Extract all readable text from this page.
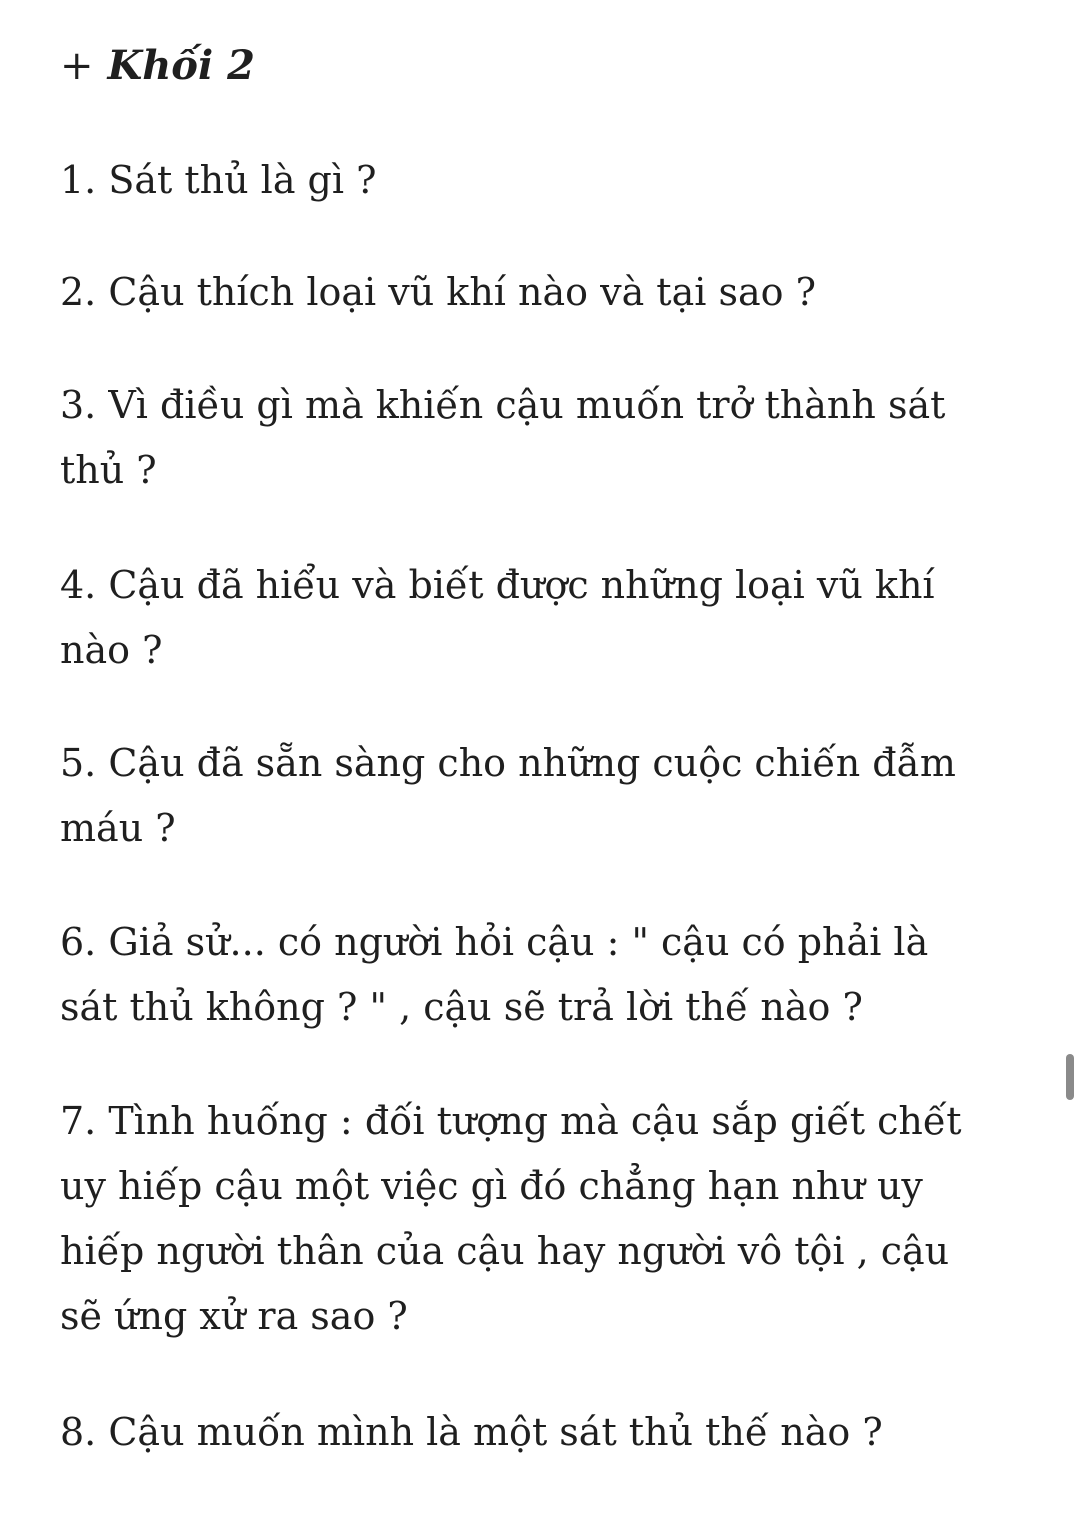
+ Khối 2

1. Sát thủ là gì ?

2. Cậu thích loại vũ khí nào và tại sao ?

3. Vì điều gì mà khiến cậu muốn trở thành sát
thủ ?

4. Cậu đã hiểu và biết được những loại vũ khí
nào ?

5. Cậu đã sẵn sàng cho những cuộc chiến đẫm
máu ?

6. Giả sử... có người hỏi cậu : " cậu có phải là
sát thủ không ? " , cậu sẽ trả lời thế nào ?

7. Tình huống : đối tượng mà cậu sắp giết chết
uy hiếp cậu một việc gì đó chẳng hạn như uy
hiếp người thân của cậu hay người vô tội , cậu
sẽ ứng xử ra sao ?

8. Cậu muốn mình là một sát thủ thế nào ?
